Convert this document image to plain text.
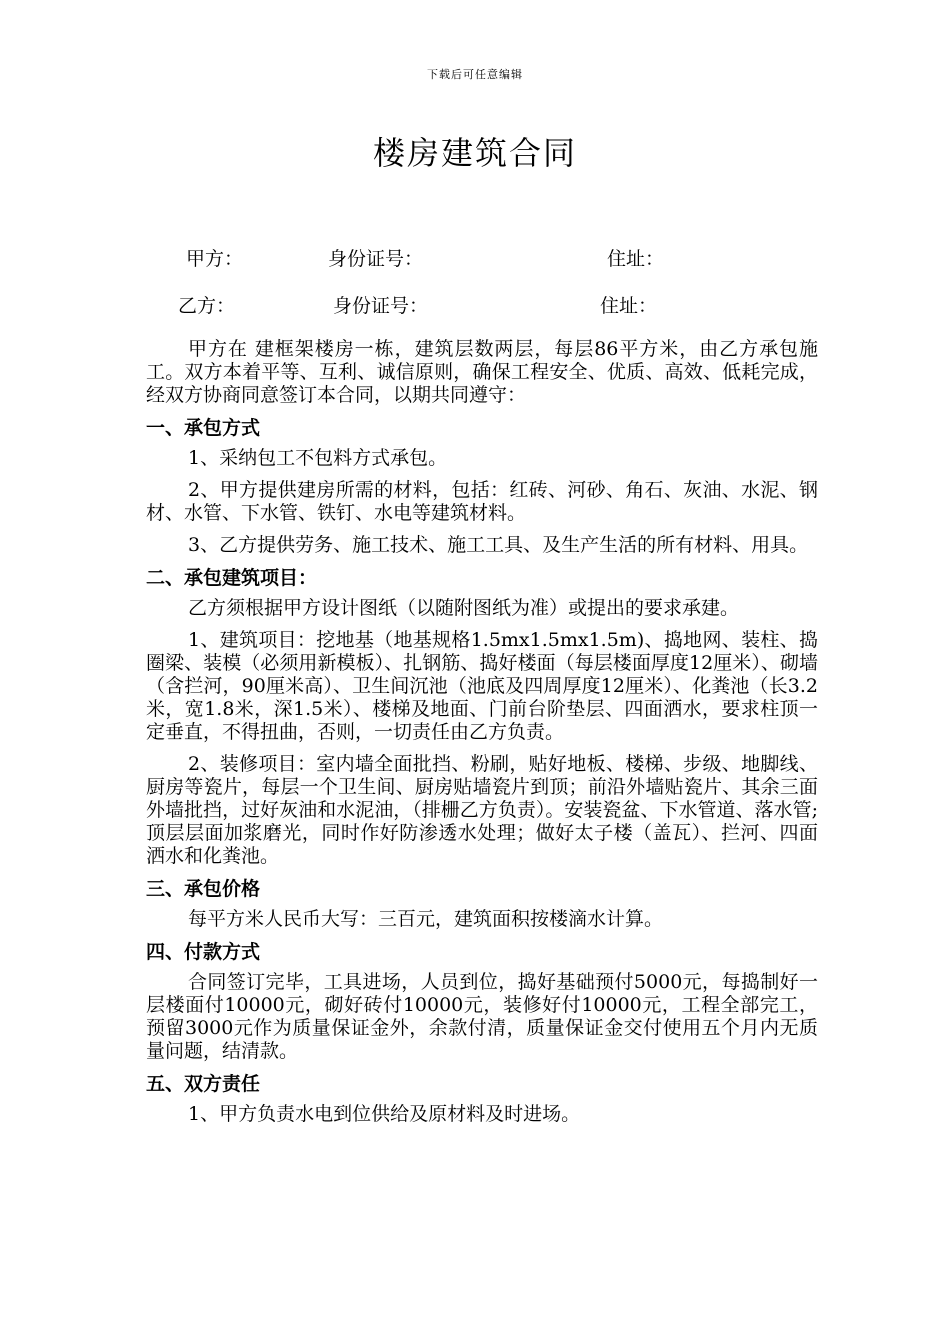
下载后可任意编辑
楼房建筑合同
甲方：	身份证号：	住址：
乙方：	身份证号：	住址：

甲方在 建框架楼房一栋，建筑层数两层，每层86平方米，由乙方承包施工。双方本着平等、互利、诚信原则，确保工程安全、优质、高效、低耗完成，经双方协商同意签订本合同，以期共同遵守：

一、承包方式

1、采纳包工不包料方式承包。

2、甲方提供建房所需的材料，包括：红砖、河砂、角石、灰油、水泥、钢材、水管、下水管、铁钉、水电等建筑材料。

3、乙方提供劳务、施工技术、施工工具、及生产生活的所有材料、用具。

二、承包建筑项目：

乙方须根据甲方设计图纸（以随附图纸为准）或提出的要求承建。

1、建筑项目：挖地基（地基规格1.5mx1.5mx1.5m)、捣地网、装柱、捣圈梁、装模（必须用新模板）、扎钢筋、捣好楼面（每层楼面厚度12厘米）、砌墙（含拦河，90厘米高）、卫生间沉池（池底及四周厚度12厘米）、化粪池（长3.2米，宽1.8米，深1.5米）、楼梯及地面、门前台阶垫层、四面洒水，要求柱顶一定垂直，不得扭曲，否则，一切责任由乙方负责。

2、装修项目：室内墙全面批挡、粉刷，贴好地板、楼梯、步级、地脚线、厨房等瓷片，每层一个卫生间、厨房贴墙瓷片到顶；前沿外墙贴瓷片、其余三面外墙批挡，过好灰油和水泥油，（排栅乙方负责）。安装瓷盆、下水管道、落水管;顶层层面加浆磨光，同时作好防渗透水处理；做好太子楼（盖瓦）、拦河、四面洒水和化粪池。

三、承包价格

每平方米人民币大写：三百元，建筑面积按楼滴水计算。

四、付款方式

合同签订完毕，工具进场，人员到位，捣好基础预付5000元，每捣制好一层楼面付10000元，砌好砖付10000元，装修好付10000元，工程全部完工，预留3000元作为质量保证金外，余款付清，质量保证金交付使用五个月内无质量问题，结清款。

五、双方责任

1、甲方负责水电到位供给及原材料及时进场。
